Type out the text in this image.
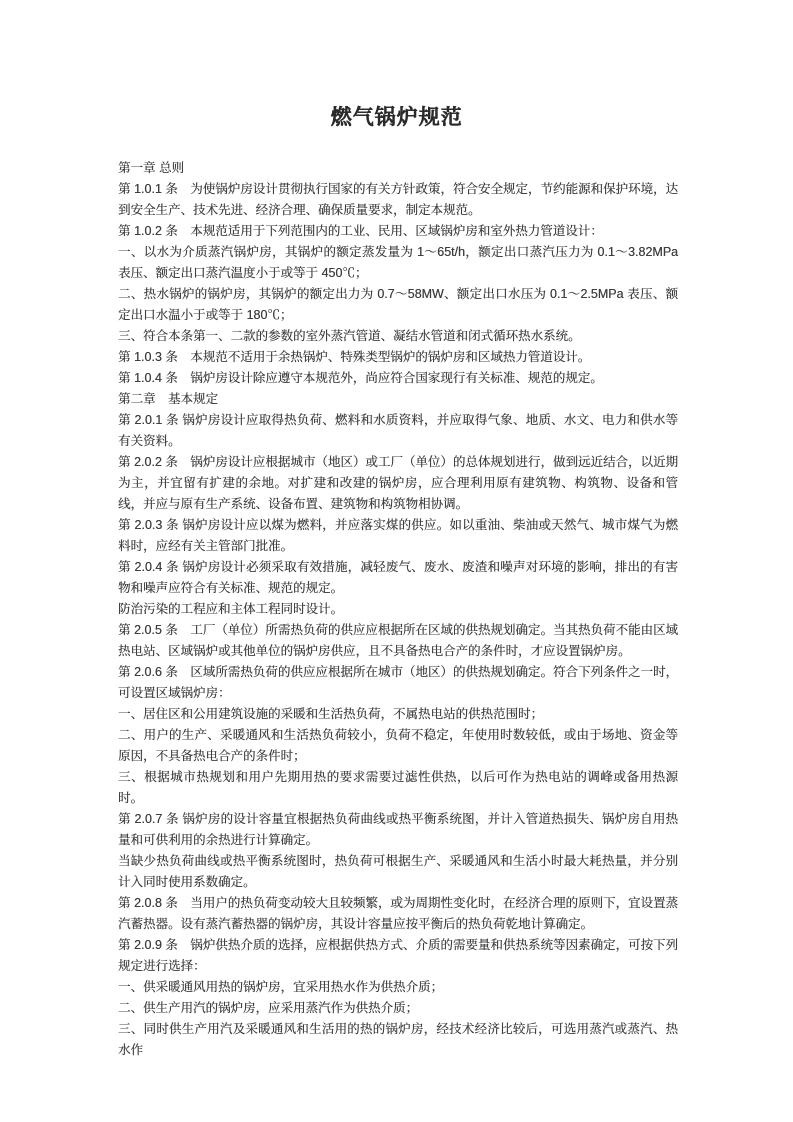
燃气锅炉规范

第一章 总则

第 1.0.1 条　为使锅炉房设计贯彻执行国家的有关方针政策，符合安全规定，节约能源和保护环境，达到安全生产、技术先进、经济合理、确保质量要求，制定本规范。

第 1.0.2 条　本规范适用于下列范围内的工业、民用、区域锅炉房和室外热力管道设计：

一、以水为介质蒸汽锅炉房，其锅炉的额定蒸发量为 1～65t/h，额定出口蒸汽压力为 0.1～3.82MPa 表压、额定出口蒸汽温度小于或等于 450℃；

二、热水锅炉的锅炉房，其锅炉的额定出力为 0.7～58MW、额定出口水压为 0.1～2.5MPa 表压、额定出口水温小于或等于 180℃；

三、符合本条第一、二款的参数的室外蒸汽管道、凝结水管道和闭式循环热水系统。

第 1.0.3 条　本规范不适用于余热锅炉、特殊类型锅炉的锅炉房和区域热力管道设计。

第 1.0.4 条　锅炉房设计除应遵守本规范外，尚应符合国家现行有关标准、规范的规定。

第二章　基本规定

第 2.0.1 条 锅炉房设计应取得热负荷、燃料和水质资料，并应取得气象、地质、水文、电力和供水等有关资料。

第 2.0.2 条　锅炉房设计应根据城市（地区）或工厂（单位）的总体规划进行，做到远近结合，以近期为主，并宜留有扩建的余地。对扩建和改建的锅炉房，应合理利用原有建筑物、构筑物、设备和管线，并应与原有生产系统、设备布置、建筑物和构筑物相协调。

第 2.0.3 条 锅炉房设计应以煤为燃料，并应落实煤的供应。如以重油、柴油或天然气、城市煤气为燃料时，应经有关主管部门批准。

第 2.0.4 条 锅炉房设计必须采取有效措施，减轻废气、废水、废渣和噪声对环境的影响，排出的有害物和噪声应符合有关标准、规范的规定。

防治污染的工程应和主体工程同时设计。

第 2.0.5 条　工厂（单位）所需热负荷的供应应根据所在区域的供热规划确定。当其热负荷不能由区域热电站、区域锅炉或其他单位的锅炉房供应，且不具备热电合产的条件时，才应设置锅炉房。

第 2.0.6 条　区域所需热负荷的供应应根据所在城市（地区）的供热规划确定。符合下列条件之一时，可设置区域锅炉房：

一、居住区和公用建筑设施的采暖和生活热负荷，不属热电站的供热范围时；

二、用户的生产、采暖通风和生活热负荷较小，负荷不稳定，年使用时数较低，或由于场地、资金等原因，不具备热电合产的条件时；

三、根据城市热规划和用户先期用热的要求需要过滤性供热，以后可作为热电站的调峰或备用热源时。

第 2.0.7 条 锅炉房的设计容量宜根据热负荷曲线或热平衡系统图，并计入管道热损失、锅炉房自用热量和可供利用的余热进行计算确定。

当缺少热负荷曲线或热平衡系统图时，热负荷可根据生产、采暖通风和生活小时最大耗热量，并分别计入同时使用系数确定。

第 2.0.8 条　当用户的热负荷变动较大且较频繁，或为周期性变化时，在经济合理的原则下，宜设置蒸汽蓄热器。设有蒸汽蓄热器的锅炉房，其设计容量应按平衡后的热负荷乾地计算确定。

第 2.0.9 条　锅炉供热介质的选择，应根据供热方式、介质的需要量和供热系统等因素确定，可按下列规定进行选择：

一、供采暖通风用热的锅炉房，宜采用热水作为供热介质；

二、供生产用汽的锅炉房，应采用蒸汽作为供热介质；

三、同时供生产用汽及采暖通风和生活用的热的锅炉房，经技术经济比较后，可选用蒸汽或蒸汽、热水作
